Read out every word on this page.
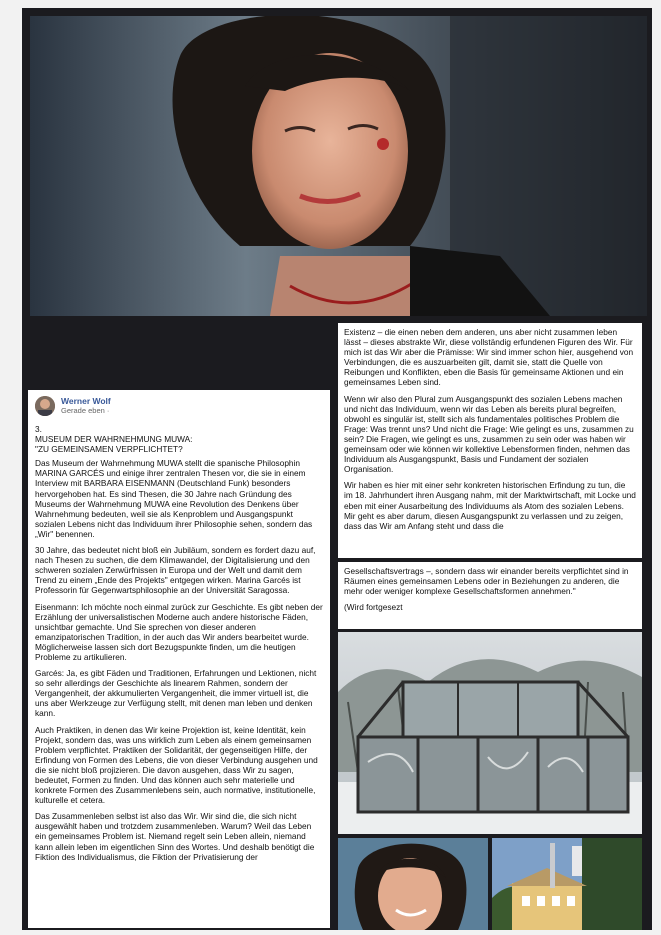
Werner Wolf
Gerade eben ·
3.
MUSEUM DER WAHRNEHMUNG MUWA:
"ZU GEMEINSAMEN VERPFLICHTET?

Das Museum der Wahrnehmung MUWA stellt die spanische Philosophin MARINA GARCÉS und einige ihrer zentralen Thesen vor, die sie in einem Interview mit BARBARA EISENMANN (Deutschland Funk) besonders hervorgehoben hat. Es sind Thesen, die 30 Jahre nach Gründung des Museums der Wahrnehmung MUWA eine Revolution des Denkens über Wahrnehmung bedeuten, weil sie als Kenproblem und Ausgangspunkt sozialen Lebens nicht das Individuum ihrer Philosophie sehen, sondern das „Wir" benennen.

30 Jahre, das bedeutet nicht bloß ein Jubiläum, sondern es fordert dazu auf, nach Thesen zu suchen, die dem Klimawandel, der Digitalisierung und den schweren sozialen Zerwürfnissen in Europa und der Welt und damit dem Trend zu einem „Ende des Projekts" entgegen wirken. Marina Garcés ist Professorin für Gegenwartsphilosophie an der Universität Saragossa.

Eisenmann: Ich möchte noch einmal zurück zur Geschichte. Es gibt neben der Erzählung der universalistischen Moderne auch andere historische Fäden, unsichtbar gemachte. Und Sie sprechen von dieser anderen emanzipatorischen Tradition, in der auch das Wir anders bearbeitet wurde. Möglicherweise lassen sich dort Bezugspunkte finden, um die heutigen Probleme zu artikulieren.

Garcés: Ja, es gibt Fäden und Traditionen, Erfahrungen und Lektionen, nicht so sehr allerdings der Geschichte als linearem Rahmen, sondern der Vergangenheit, der akkumulierten Vergangenheit, die immer virtuell ist, die uns aber Werkzeuge zur Verfügung stellt, mit denen man leben und denken kann.

Auch Praktiken, in denen das Wir keine Projektion ist, keine Identität, kein Projekt, sondern das, was uns wirklich zum Leben als einem gemeinsamen Problem verpflichtet. Praktiken der Solidarität, der gegenseitigen Hilfe, der Erfindung von Formen des Lebens, die von dieser Verbindung ausgehen und die sie nicht bloß projizieren. Die davon ausgehen, dass Wir zu sagen, bedeutet, Formen zu finden. Und das können auch sehr materielle und konkrete Formen des Zusammenlebens sein, auch normative, institutionelle, kulturelle et cetera.

Das Zusammenleben selbst ist also das Wir. Wir sind die, die sich nicht ausgewählt haben und trotzdem zusammenleben. Warum? Weil das Leben ein gemeinsames Problem ist. Niemand regelt sein Leben allein, niemand kann allein leben im eigentlichen Sinn des Wortes. Und deshalb benötigt die Fiktion des Individualismus, die Fiktion der Privatisierung der

Existenz – die einen neben dem anderen, uns aber nicht zusammen leben lässt – dieses abstrakte Wir, diese vollständig erfundenen Figuren des Wir. Für mich ist das Wir aber die Prämisse: Wir sind immer schon hier, ausgehend von Verbindungen, die es auszuarbeiten gilt, damit sie, statt die Quelle von Reibungen und Konflikten, eben die Basis für gemeinsame Aktionen und ein gemeinsames Leben sind.

Wenn wir also den Plural zum Ausgangspunkt des sozialen Lebens machen und nicht das Individuum, wenn wir das Leben als bereits plural begreifen, obwohl es singulär ist, stellt sich als fundamentales politisches Problem die Frage: Was trennt uns? Und nicht die Frage: Wie gelingt es uns, zusammen zu sein? Die Fragen, wie gelingt es uns, zusammen zu sein oder was haben wir gemeinsam oder wie können wir kollektive Lebensformen finden, nehmen das Individuum als Ausgangspunkt, Basis und Fundament der sozialen Organisation.

Wir haben es hier mit einer sehr konkreten historischen Erfindung zu tun, die im 18. Jahrhundert ihren Ausgang nahm, mit der Marktwirtschaft, mit Locke und eben mit einer Ausarbeitung des Individuums als Atom des sozialen Lebens. Mir geht es aber darum, diesen Ausgangspunkt zu verlassen und zu zeigen, dass das Wir am Anfang steht und dass die

Gesellschaftsvertrags –, sondern dass wir einander bereits verpflichtet sind in Räumen eines gemeinsamen Lebens oder in Beziehungen zu anderen, die mehr oder weniger komplexe Gesellschaftsformen annehmen."

(Wird fortgesezt
